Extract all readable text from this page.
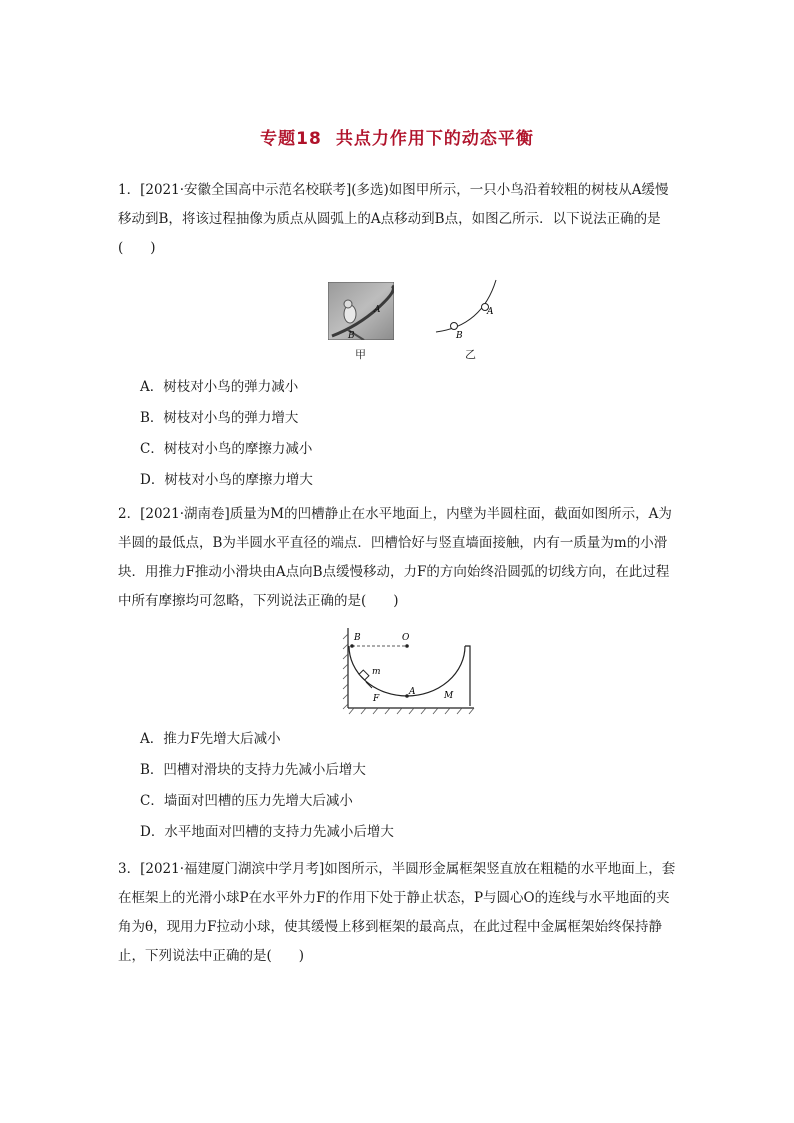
专题18 共点力作用下的动态平衡
1．[2021·安徽全国高中示范名校联考](多选)如图甲所示，一只小鸟沿着较粗的树枝从A缓慢移动到B，将该过程抽像为质点从圆弧上的A点移动到B点，如图乙所示．以下说法正确的是(　　)
A
B
甲
A
B
乙
A．树枝对小鸟的弹力减小
B．树枝对小鸟的弹力增大
C．树枝对小鸟的摩擦力减小
D．树枝对小鸟的摩擦力增大
2．[2021·湖南卷]质量为M的凹槽静止在水平地面上，内壁为半圆柱面，截面如图所示，A为半圆的最低点，B为半圆水平直径的端点．凹槽恰好与竖直墙面接触，内有一质量为m的小滑块．用推力F推动小滑块由A点向B点缓慢移动，力F的方向始终沿圆弧的切线方向，在此过程中所有摩擦均可忽略，下列说法正确的是(　　)
B	O
m
F
A	M
A．推力F先增大后减小
B．凹槽对滑块的支持力先减小后增大
C．墙面对凹槽的压力先增大后减小
D．水平地面对凹槽的支持力先减小后增大
3．[2021·福建厦门湖滨中学月考]如图所示，半圆形金属框架竖直放在粗糙的水平地面上，套在框架上的光滑小球P在水平外力F的作用下处于静止状态，P与圆心O的连线与水平地面的夹角为θ，现用力F拉动小球，使其缓慢上移到框架的最高点，在此过程中金属框架始终保持静止，下列说法中正确的是(　　)
